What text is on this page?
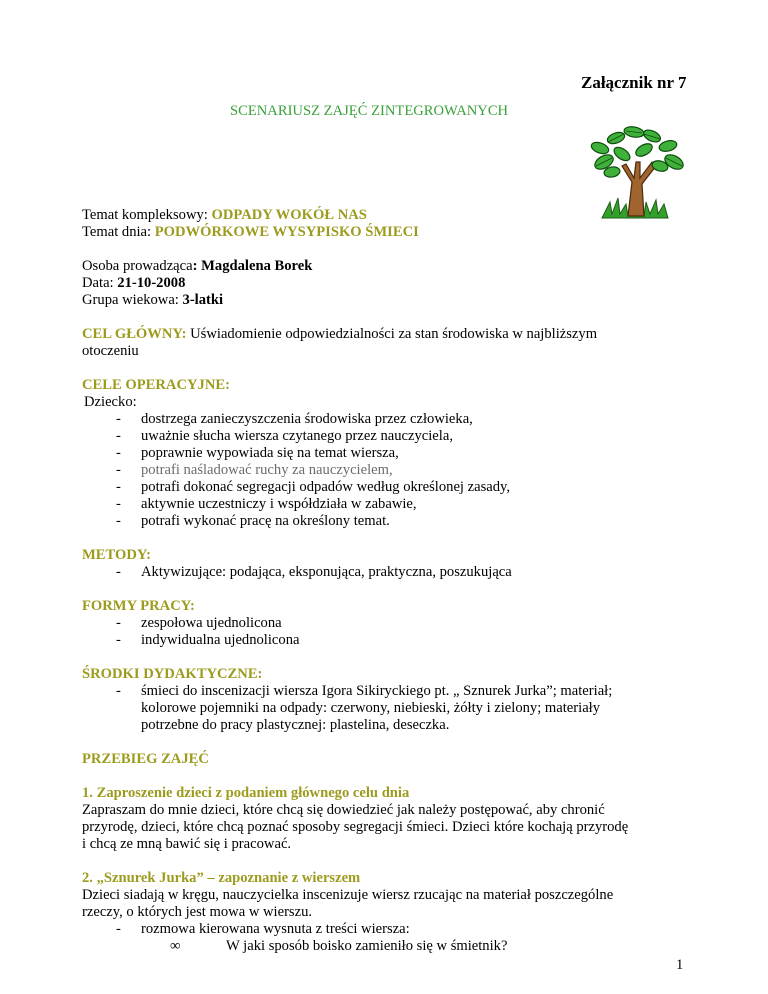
Załącznik nr 7
SCENARIUSZ ZAJĘĆ ZINTEGROWANYCH
Temat kompleksowy: ODPADY WOKÓŁ NAS
Temat dnia: PODWÓRKOWE WYSYPISKO ŚMIECI
Osoba prowadząca: Magdalena Borek
Data: 21-10-2008
Grupa wiekowa: 3-latki
CEL GŁÓWNY: Uświadomienie odpowiedzialności za stan środowiska w najbliższym
otoczeniu
CELE OPERACYJNE:
Dziecko:
- dostrzega zanieczyszczenia środowiska przez człowieka,
- uważnie słucha wiersza czytanego przez nauczyciela,
- poprawnie wypowiada się na temat wiersza,
- potrafi naśladować ruchy za nauczycielem,
- potrafi dokonać segregacji odpadów według określonej zasady,
- aktywnie uczestniczy i współdziała w zabawie,
- potrafi wykonać pracę na określony temat.
METODY:
- Aktywizujące: podająca, eksponująca, praktyczna, poszukująca
FORMY PRACY:
- zespołowa ujednolicona
- indywidualna ujednolicona
ŚRODKI DYDAKTYCZNE:
- śmieci do inscenizacji wiersza Igora Sikiryckiego pt. „ Sznurek Jurka”; materiał;
kolorowe pojemniki na odpady: czerwony, niebieski, żółty i zielony; materiały
potrzebne do pracy plastycznej: plastelina, deseczka.
PRZEBIEG ZAJĘĆ
1. Zaproszenie dzieci z podaniem głównego celu dnia
Zapraszam do mnie dzieci, które chcą się dowiedzieć jak należy postępować, aby chronić
przyrodę, dzieci, które chcą poznać sposoby segregacji śmieci. Dzieci które kochają przyrodę
i chcą ze mną bawić się i pracować.
2. „Sznurek Jurka” – zapoznanie z wierszem
Dzieci siadają w kręgu, nauczycielka inscenizuje wiersz rzucając na materiał poszczególne
rzeczy, o których jest mowa w wierszu.
- rozmowa kierowana wysnuta z treści wiersza:
∞	W jaki sposób boisko zamieniło się w śmietnik?
1
